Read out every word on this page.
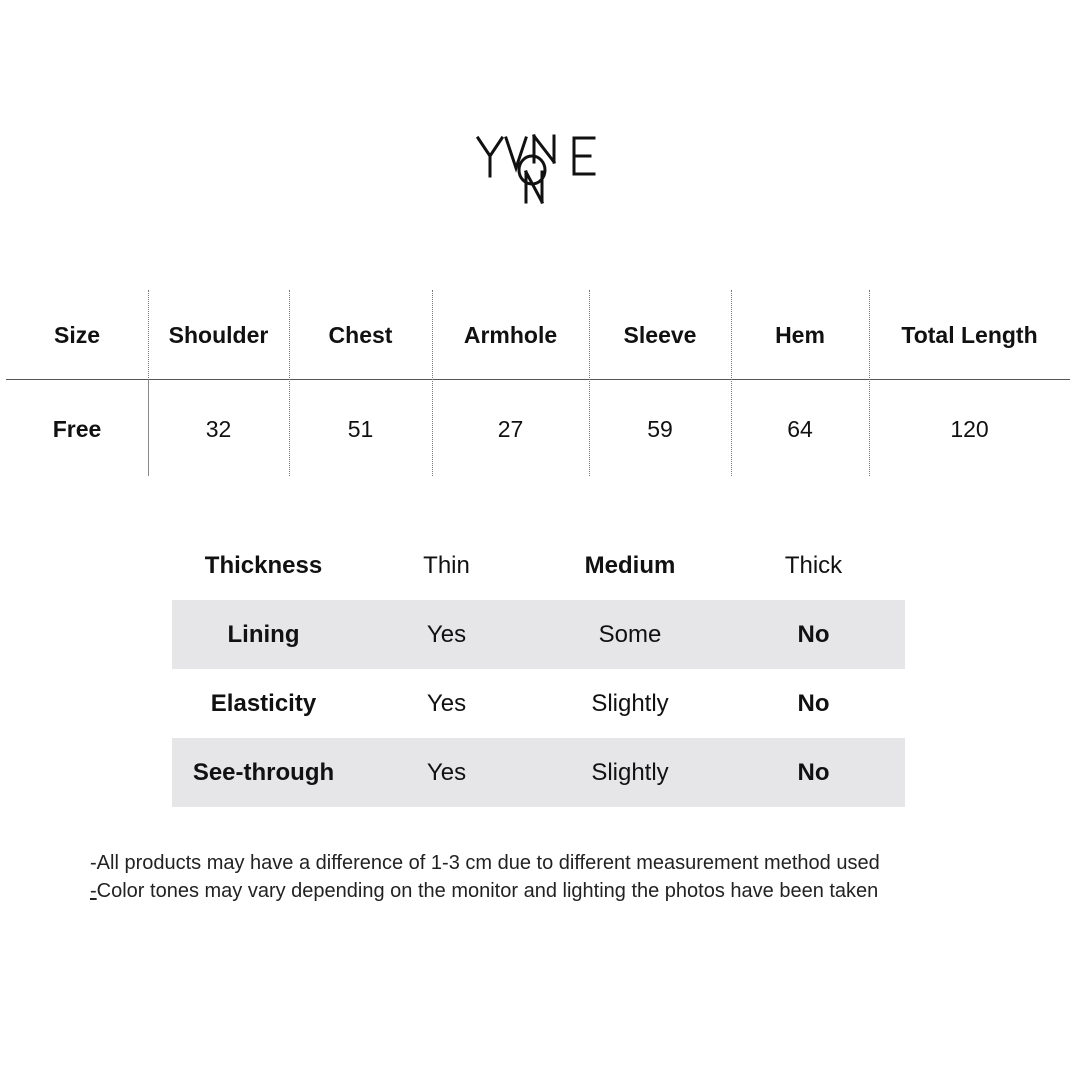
Size	Shoulder	Chest	Armhole	Sleeve	Hem	Total Length
Free	32	51	27	59	64	120
Thickness	Thin	Medium	Thick
Lining	Yes	Some	No
Elasticity	Yes	Slightly	No
See-through	Yes	Slightly	No
-All products may have a difference of 1-3 cm due to different measurement method used
-Color tones may vary depending on the monitor and lighting the photos have been taken
